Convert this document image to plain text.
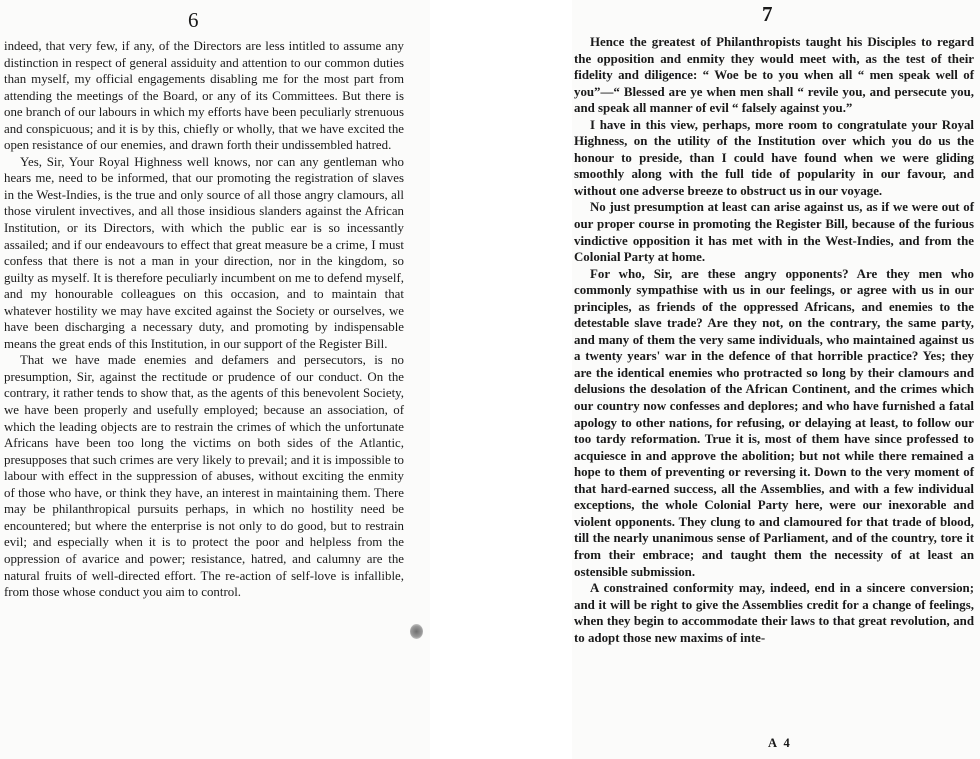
6

indeed, that very few, if any, of the Directors are less intitled to assume any distinction in respect of general assiduity and attention to our common duties than myself, my official engagements disabling me for the most part from attending the meetings of the Board, or any of its Committees. But there is one branch of our labours in which my efforts have been peculiarly strenuous and conspicuous; and it is by this, chiefly or wholly, that we have excited the open resistance of our enemies, and drawn forth their undissembled hatred.

Yes, Sir, Your Royal Highness well knows, nor can any gentleman who hears me, need to be informed, that our promoting the registration of slaves in the West-Indies, is the true and only source of all those angry clamours, all those virulent invectives, and all those insidious slanders against the African Institution, or its Directors, with which the public ear is so incessantly assailed; and if our endeavours to effect that great measure be a crime, I must confess that there is not a man in your direction, nor in the kingdom, so guilty as myself. It is therefore peculiarly incumbent on me to defend myself, and my honourable colleagues on this occasion, and to maintain that whatever hostility we may have excited against the Society or ourselves, we have been discharging a necessary duty, and promoting by indispensable means the great ends of this Institution, in our support of the Register Bill.

That we have made enemies and defamers and persecutors, is no presumption, Sir, against the rectitude or prudence of our conduct. On the contrary, it rather tends to show that, as the agents of this benevolent Society, we have been properly and usefully employed; because an association, of which the leading objects are to restrain the crimes of which the unfortunate Africans have been too long the victims on both sides of the Atlantic, presupposes that such crimes are very likely to prevail; and it is impossible to labour with effect in the suppression of abuses, without exciting the enmity of those who have, or think they have, an interest in maintaining them. There may be philanthropical pursuits perhaps, in which no hostility need be encountered; but where the enterprise is not only to do good, but to restrain evil; and especially when it is to protect the poor and helpless from the oppression of avarice and power; resistance, hatred, and calumny are the natural fruits of well-directed effort. The re-action of self-love is infallible, from those whose conduct you aim to control.

7

Hence the greatest of Philanthropists taught his Disciples to regard the opposition and enmity they would meet with, as the test of their fidelity and diligence: “ Woe be to you when all “ men speak well of you”—“ Blessed are ye when men shall “ revile you, and persecute you, and speak all manner of evil “ falsely against you.”

I have in this view, perhaps, more room to congratulate your Royal Highness, on the utility of the Institution over which you do us the honour to preside, than I could have found when we were gliding smoothly along with the full tide of popularity in our favour, and without one adverse breeze to obstruct us in our voyage.

No just presumption at least can arise against us, as if we were out of our proper course in promoting the Register Bill, because of the furious vindictive opposition it has met with in the West-Indies, and from the Colonial Party at home.

For who, Sir, are these angry opponents? Are they men who commonly sympathise with us in our feelings, or agree with us in our principles, as friends of the oppressed Africans, and enemies to the detestable slave trade? Are they not, on the contrary, the same party, and many of them the very same individuals, who maintained against us a twenty years' war in the defence of that horrible practice? Yes; they are the identical enemies who protracted so long by their clamours and delusions the desolation of the African Continent, and the crimes which our country now confesses and deplores; and who have furnished a fatal apology to other nations, for refusing, or delaying at least, to follow our too tardy reformation. True it is, most of them have since professed to acquiesce in and approve the abolition; but not while there remained a hope to them of preventing or reversing it. Down to the very moment of that hard-earned success, all the Assemblies, and with a few individual exceptions, the whole Colonial Party here, were our inexorable and violent opponents. They clung to and clamoured for that trade of blood, till the nearly unanimous sense of Parliament, and of the country, tore it from their embrace; and taught them the necessity of at least an ostensible submission.

A constrained conformity may, indeed, end in a sincere conversion; and it will be right to give the Assemblies credit for a change of feelings, when they begin to accommodate their laws to that great revolution, and to adopt those new maxims of inte-

A 4
